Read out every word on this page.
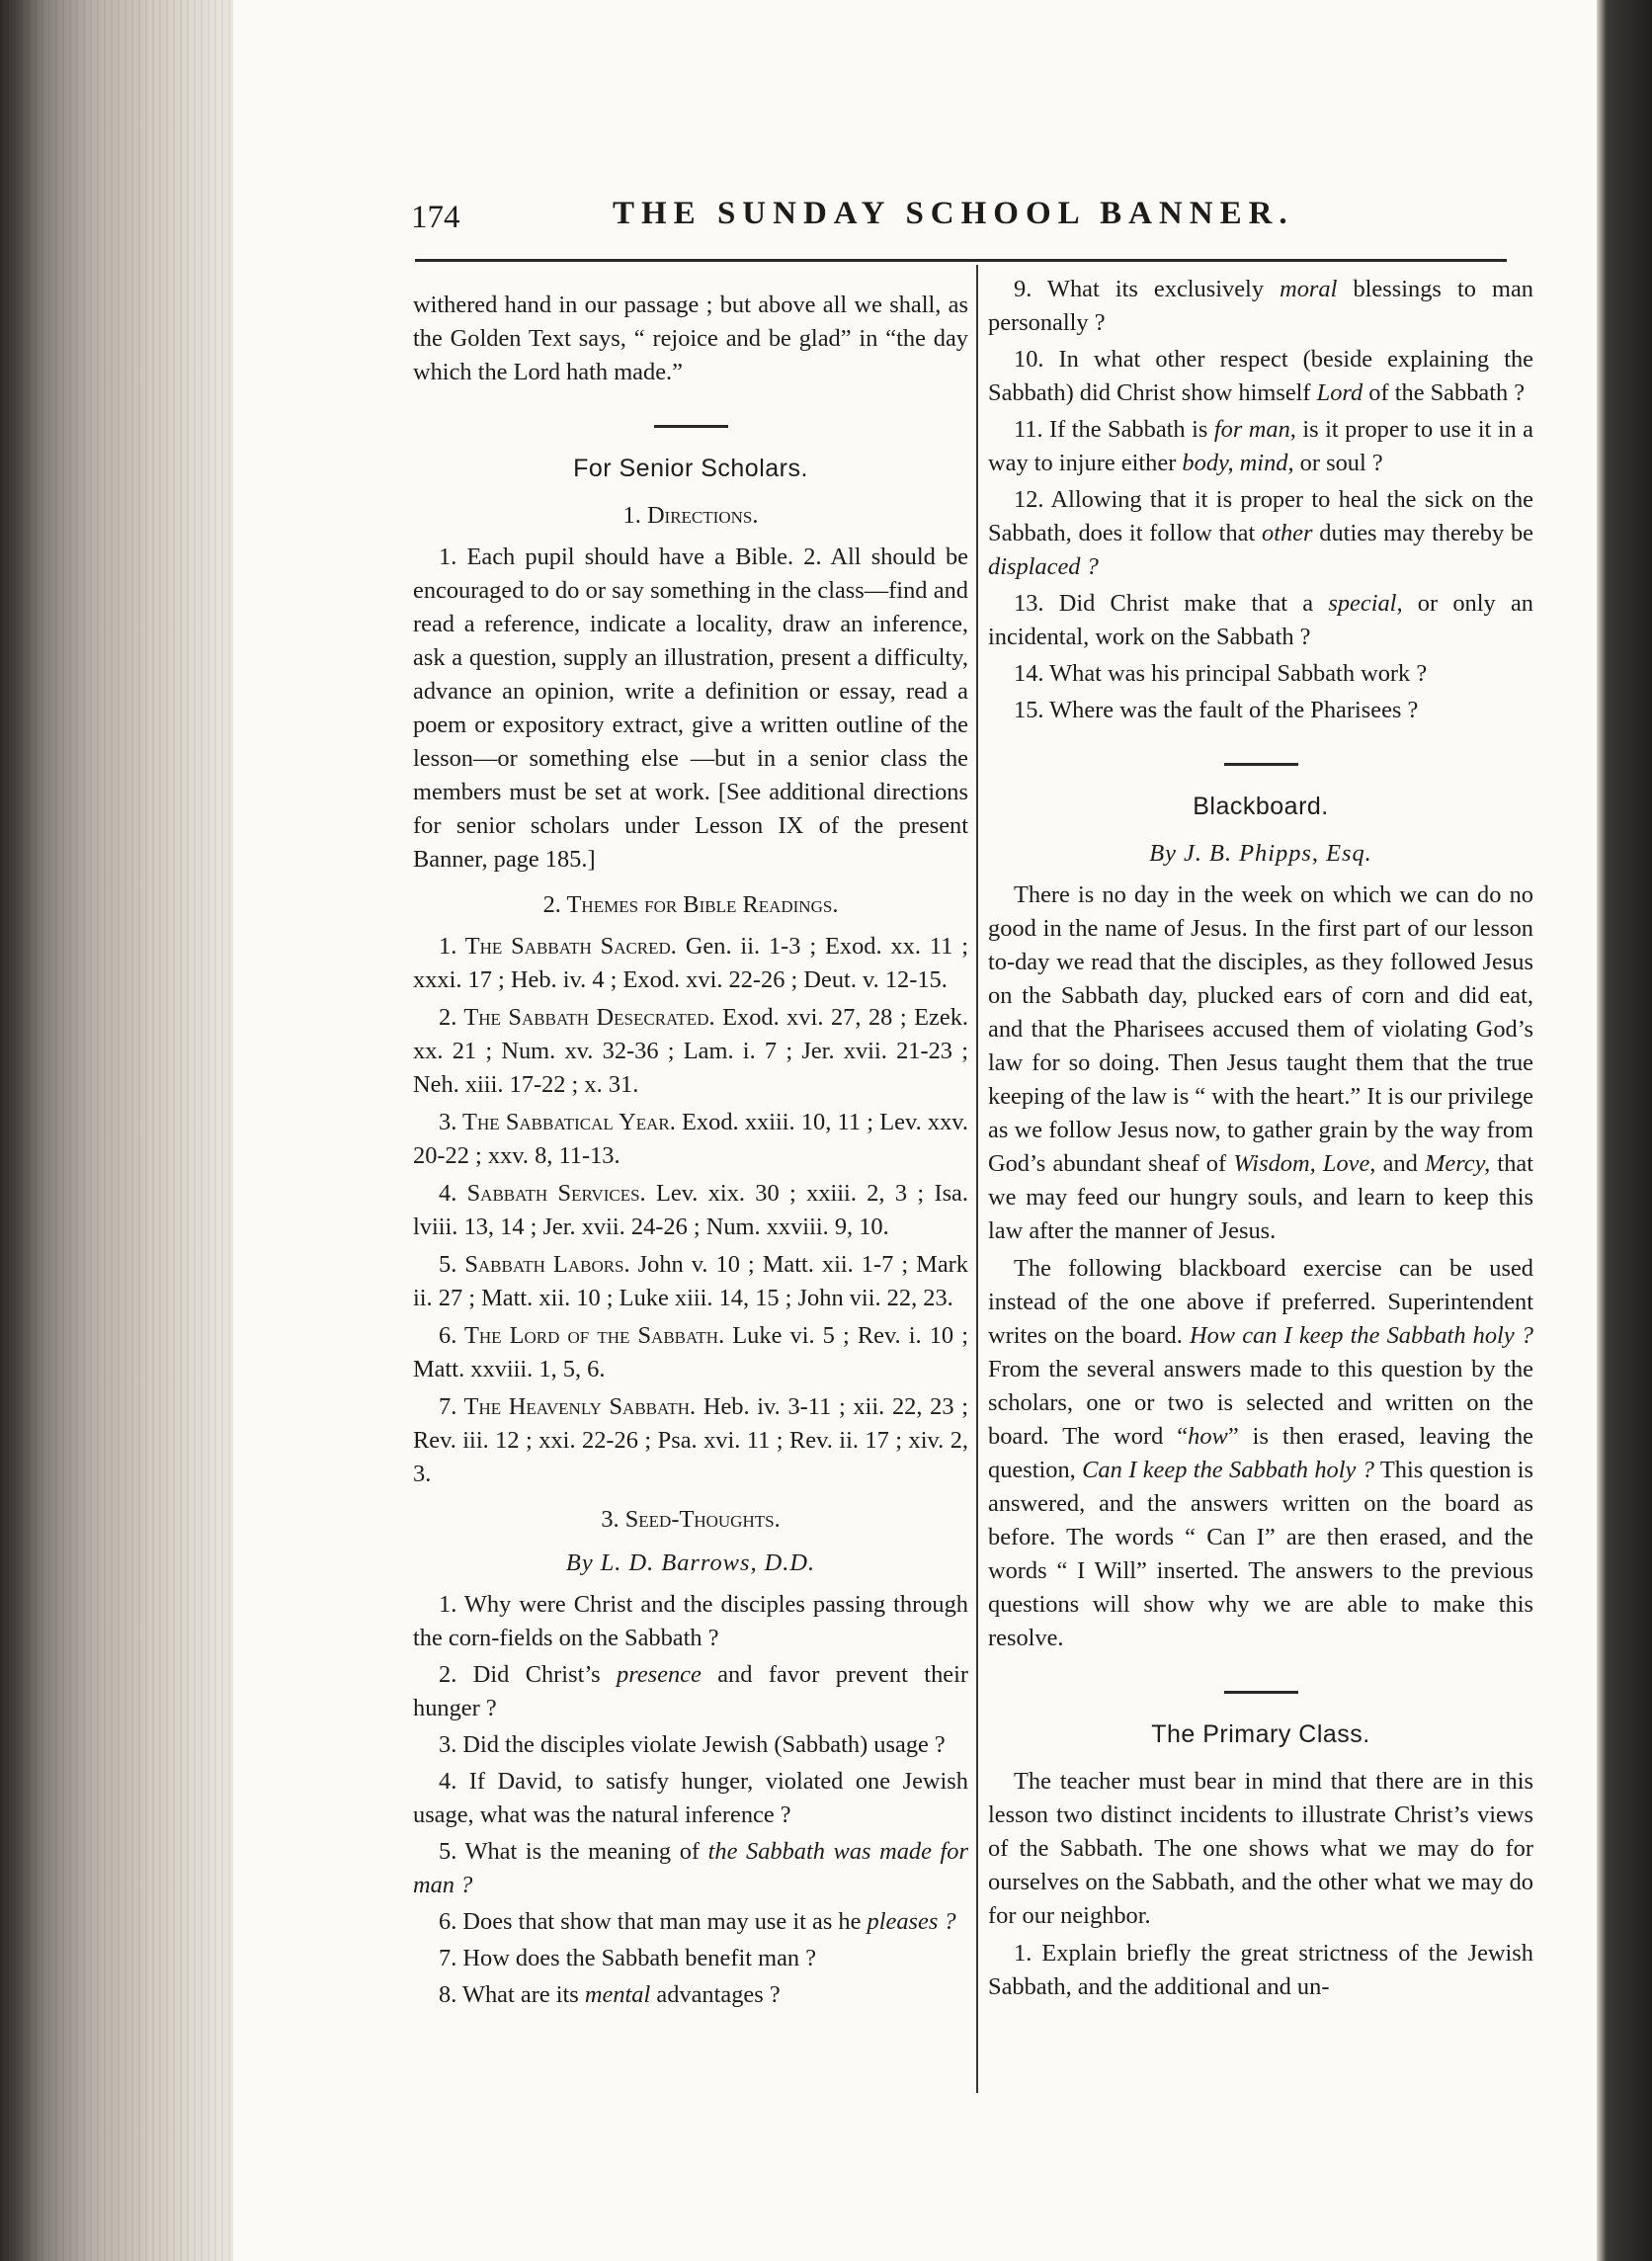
174	THE SUNDAY SCHOOL BANNER.

withered hand in our passage ; but above all we shall, as the Golden Text says, “ rejoice and be glad” in “the day which the Lord hath made.”

For Senior Scholars.
1. Directions.

1. Each pupil should have a Bible. 2. All should be encouraged to do or say something in the class—find and read a reference, indicate a locality, draw an inference, ask a question, supply an illustration, present a difficulty, advance an opinion, write a definition or essay, read a poem or expository extract, give a written outline of the lesson—or something else —but in a senior class the members must be set at work. [See additional directions for senior scholars under Lesson IX of the present Banner, page 185.]

2. Themes for Bible Readings.

1. The Sabbath Sacred. Gen. ii. 1-3 ; Exod. xx. 11 ; xxxi. 17 ; Heb. iv. 4 ; Exod. xvi. 22-26 ; Deut. v. 12-15.

2. The Sabbath Desecrated. Exod. xvi. 27, 28 ; Ezek. xx. 21 ; Num. xv. 32-36 ; Lam. i. 7 ; Jer. xvii. 21-23 ; Neh. xiii. 17-22 ; x. 31.

3. The Sabbatical Year. Exod. xxiii. 10, 11 ; Lev. xxv. 20-22 ; xxv. 8, 11-13.

4. Sabbath Services. Lev. xix. 30 ; xxiii. 2, 3 ; Isa. lviii. 13, 14 ; Jer. xvii. 24-26 ; Num. xxviii. 9, 10.

5. Sabbath Labors. John v. 10 ; Matt. xii. 1-7 ; Mark ii. 27 ; Matt. xii. 10 ; Luke xiii. 14, 15 ; John vii. 22, 23.

6. The Lord of the Sabbath. Luke vi. 5 ; Rev. i. 10 ; Matt. xxviii. 1, 5, 6.

7. The Heavenly Sabbath. Heb. iv. 3-11 ; xii. 22, 23 ; Rev. iii. 12 ; xxi. 22-26 ; Psa. xvi. 11 ; Rev. ii. 17 ; xiv. 2, 3.

3. Seed-Thoughts.
By L. D. Barrows, D.D.

1. Why were Christ and the disciples passing through the corn-fields on the Sabbath ?

2. Did Christ’s presence and favor prevent their hunger ?

3. Did the disciples violate Jewish (Sabbath) usage ?

4. If David, to satisfy hunger, violated one Jewish usage, what was the natural inference ?

5. What is the meaning of the Sabbath was made for man ?

6. Does that show that man may use it as he pleases ?

7. How does the Sabbath benefit man ?

8. What are its mental advantages ?

9. What its exclusively moral blessings to man personally ?

10. In what other respect (beside explaining the Sabbath) did Christ show himself Lord of the Sabbath ?

11. If the Sabbath is for man, is it proper to use it in a way to injure either body, mind, or soul ?

12. Allowing that it is proper to heal the sick on the Sabbath, does it follow that other duties may thereby be displaced ?

13. Did Christ make that a special, or only an incidental, work on the Sabbath ?

14. What was his principal Sabbath work ?

15. Where was the fault of the Pharisees ?

Blackboard.
By J. B. Phipps, Esq.

There is no day in the week on which we can do no good in the name of Jesus. In the first part of our lesson to-day we read that the disciples, as they followed Jesus on the Sabbath day, plucked ears of corn and did eat, and that the Pharisees accused them of violating God’s law for so doing. Then Jesus taught them that the true keeping of the law is “ with the heart.” It is our privilege as we follow Jesus now, to gather grain by the way from God’s abundant sheaf of Wisdom, Love, and Mercy, that we may feed our hungry souls, and learn to keep this law after the manner of Jesus.

The following blackboard exercise can be used instead of the one above if preferred. Superintendent writes on the board. How can I keep the Sabbath holy ? From the several answers made to this question by the scholars, one or two is selected and written on the board. The word “how” is then erased, leaving the question, Can I keep the Sabbath holy ? This question is answered, and the answers written on the board as before. The words “ Can I” are then erased, and the words “ I Will” inserted. The answers to the previous questions will show why we are able to make this resolve.

The Primary Class.

The teacher must bear in mind that there are in this lesson two distinct incidents to illustrate Christ’s views of the Sabbath. The one shows what we may do for ourselves on the Sabbath, and the other what we may do for our neighbor.

1. Explain briefly the great strictness of the Jewish Sabbath, and the additional and un-
